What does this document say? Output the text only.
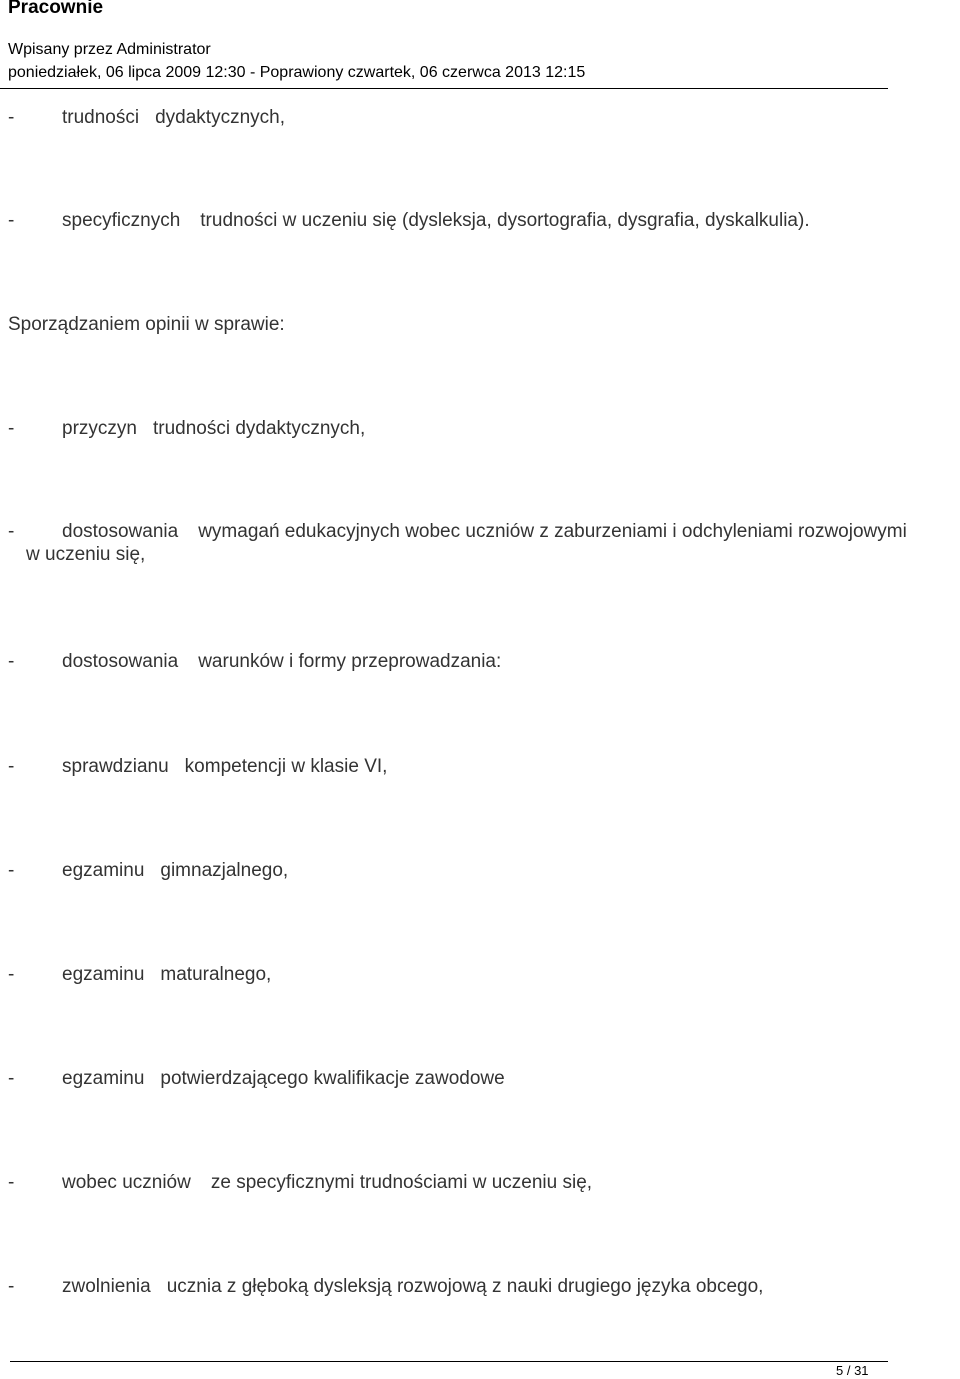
Pracownie
Wpisany przez Administrator
poniedziałek, 06 lipca 2009 12:30 - Poprawiony czwartek, 06 czerwca 2013 12:15
-	trudności dydaktycznych,
-	specyficznych trudności w uczeniu się (dysleksja, dysortografia, dysgrafia, dyskalkulia).
Sporządzaniem opinii w sprawie:
-	przyczyn trudności dydaktycznych,
-	dostosowania wymagań edukacyjnych wobec uczniów z zaburzeniami i odchyleniami rozwojowymi
w uczeniu się,
-	dostosowania warunków i formy przeprowadzania:
-	sprawdzianu kompetencji w klasie VI,
-	egzaminu gimnazjalnego,
-	egzaminu maturalnego,
-	egzaminu potwierdzającego kwalifikacje zawodowe
-	wobec uczniów ze specyficznymi trudnościami w uczeniu się,
-	zwolnienia ucznia z głęboką dysleksją rozwojową z nauki drugiego języka obcego,
5 / 31
